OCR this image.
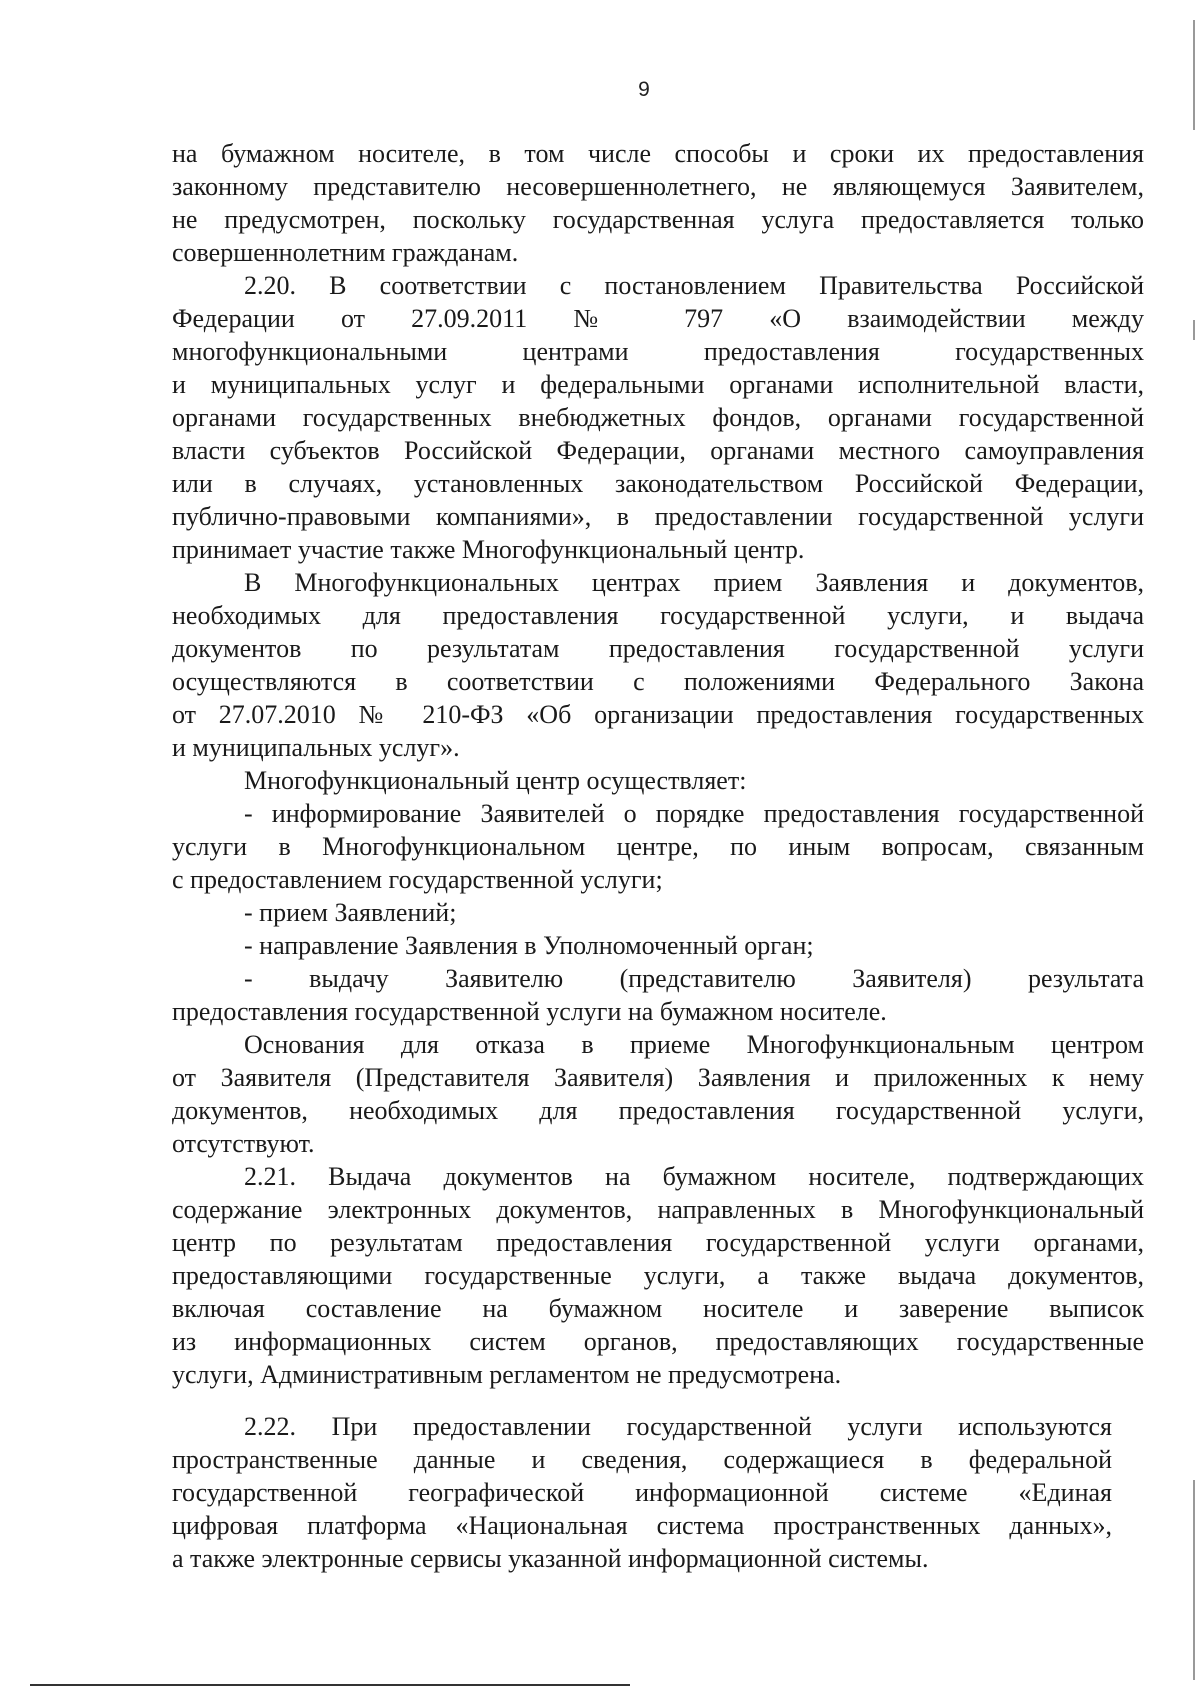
9
на бумажном носителе, в том числе способы и сроки их предоставления
законному представителю несовершеннолетнего, не являющемуся Заявителем,
не предусмотрен, поскольку государственная услуга предоставляется только
совершеннолетним гражданам.
2.20. В соответствии с постановлением Правительства Российской
Федерации от 27.09.2011 № 797 «О взаимодействии между
многофункциональными центрами предоставления государственных
и муниципальных услуг и федеральными органами исполнительной власти,
органами государственных внебюджетных фондов, органами государственной
власти субъектов Российской Федерации, органами местного самоуправления
или в случаях, установленных законодательством Российской Федерации,
публично-правовыми компаниями», в предоставлении государственной услуги
принимает участие также Многофункциональный центр.
В Многофункциональных центрах прием Заявления и документов,
необходимых для предоставления государственной услуги, и выдача
документов по результатам предоставления государственной услуги
осуществляются в соответствии с положениями Федерального Закона
от 27.07.2010 № 210-ФЗ «Об организации предоставления государственных
и муниципальных услуг».
Многофункциональный центр осуществляет:
- информирование Заявителей о порядке предоставления государственной
услуги в Многофункциональном центре, по иным вопросам, связанным
с предоставлением государственной услуги;
- прием Заявлений;
- направление Заявления в Уполномоченный орган;
- выдачу Заявителю (представителю Заявителя) результата
предоставления государственной услуги на бумажном носителе.
Основания для отказа в приеме Многофункциональным центром
от Заявителя (Представителя Заявителя) Заявления и приложенных к нему
документов, необходимых для предоставления государственной услуги,
отсутствуют.
2.21. Выдача документов на бумажном носителе, подтверждающих
содержание электронных документов, направленных в Многофункциональный
центр по результатам предоставления государственной услуги органами,
предоставляющими государственные услуги, а также выдача документов,
включая составление на бумажном носителе и заверение выписок
из информационных систем органов, предоставляющих государственные
услуги, Административным регламентом не предусмотрена.
2.22. При предоставлении государственной услуги используются
пространственные данные и сведения, содержащиеся в федеральной
государственной географической информационной системе «Единая
цифровая платформа «Национальная система пространственных данных»,
а также электронные сервисы указанной информационной системы.
